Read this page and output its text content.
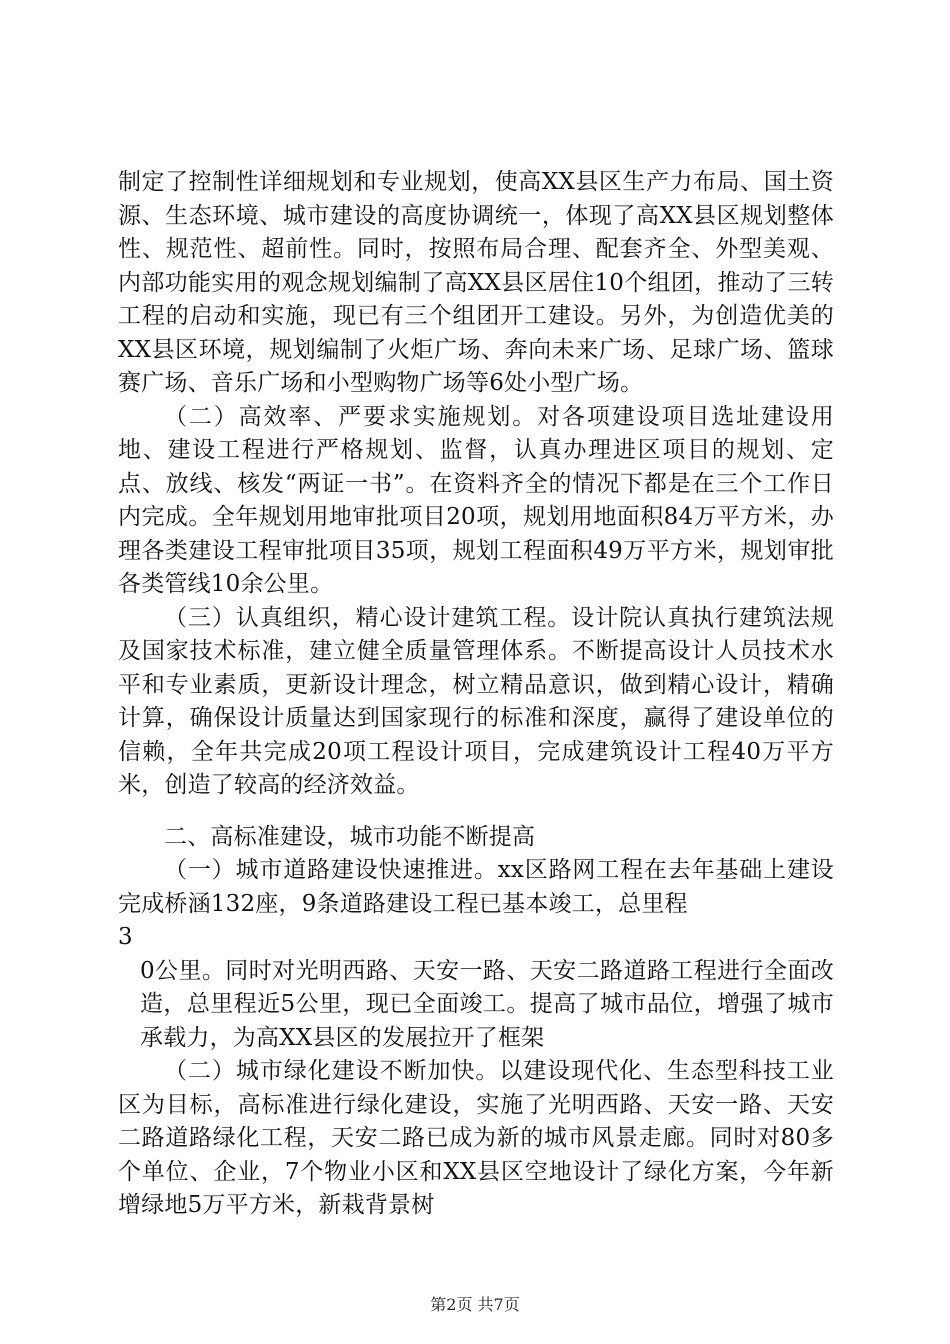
制定了控制性详细规划和专业规划，使高XX县区生产力布局、国土资源、生态环境、城市建设的高度协调统一，体现了高XX县区规划整体性、规范性、超前性。同时，按照布局合理、配套齐全、外型美观、内部功能实用的观念规划编制了高XX县区居住10个组团，推动了三转工程的启动和实施，现已有三个组团开工建设。另外，为创造优美的XX县区环境，规划编制了火炬广场、奔向未来广场、足球广场、篮球赛广场、音乐广场和小型购物广场等6处小型广场。

（二）高效率、严要求实施规划。对各项建设项目选址建设用地、建设工程进行严格规划、监督，认真办理进区项目的规划、定点、放线、核发“两证一书”。在资料齐全的情况下都是在三个工作日内完成。全年规划用地审批项目20项，规划用地面积84万平方米，办理各类建设工程审批项目35项，规划工程面积49万平方米，规划审批各类管线10余公里。

（三）认真组织，精心设计建筑工程。设计院认真执行建筑法规及国家技术标准，建立健全质量管理体系。不断提高设计人员技术水平和专业素质，更新设计理念，树立精品意识，做到精心设计，精确计算，确保设计质量达到国家现行的标准和深度，赢得了建设单位的信赖，全年共完成20项工程设计项目，完成建筑设计工程40万平方米，创造了较高的经济效益。

二、高标准建设，城市功能不断提高

（一）城市道路建设快速推进。xx区路网工程在去年基础上建设完成桥涵132座，9条道路建设工程已基本竣工，总里程

3

0公里。同时对光明西路、天安一路、天安二路道路工程进行全面改造，总里程近5公里，现已全面竣工。提高了城市品位，增强了城市承载力，为高XX县区的发展拉开了框架

（二）城市绿化建设不断加快。以建设现代化、生态型科技工业区为目标，高标准进行绿化建设，实施了光明西路、天安一路、天安二路道路绿化工程，天安二路已成为新的城市风景走廊。同时对80多个单位、企业，7个物业小区和XX县区空地设计了绿化方案，今年新增绿地5万平方米，新栽背景树

第2页 共7页
